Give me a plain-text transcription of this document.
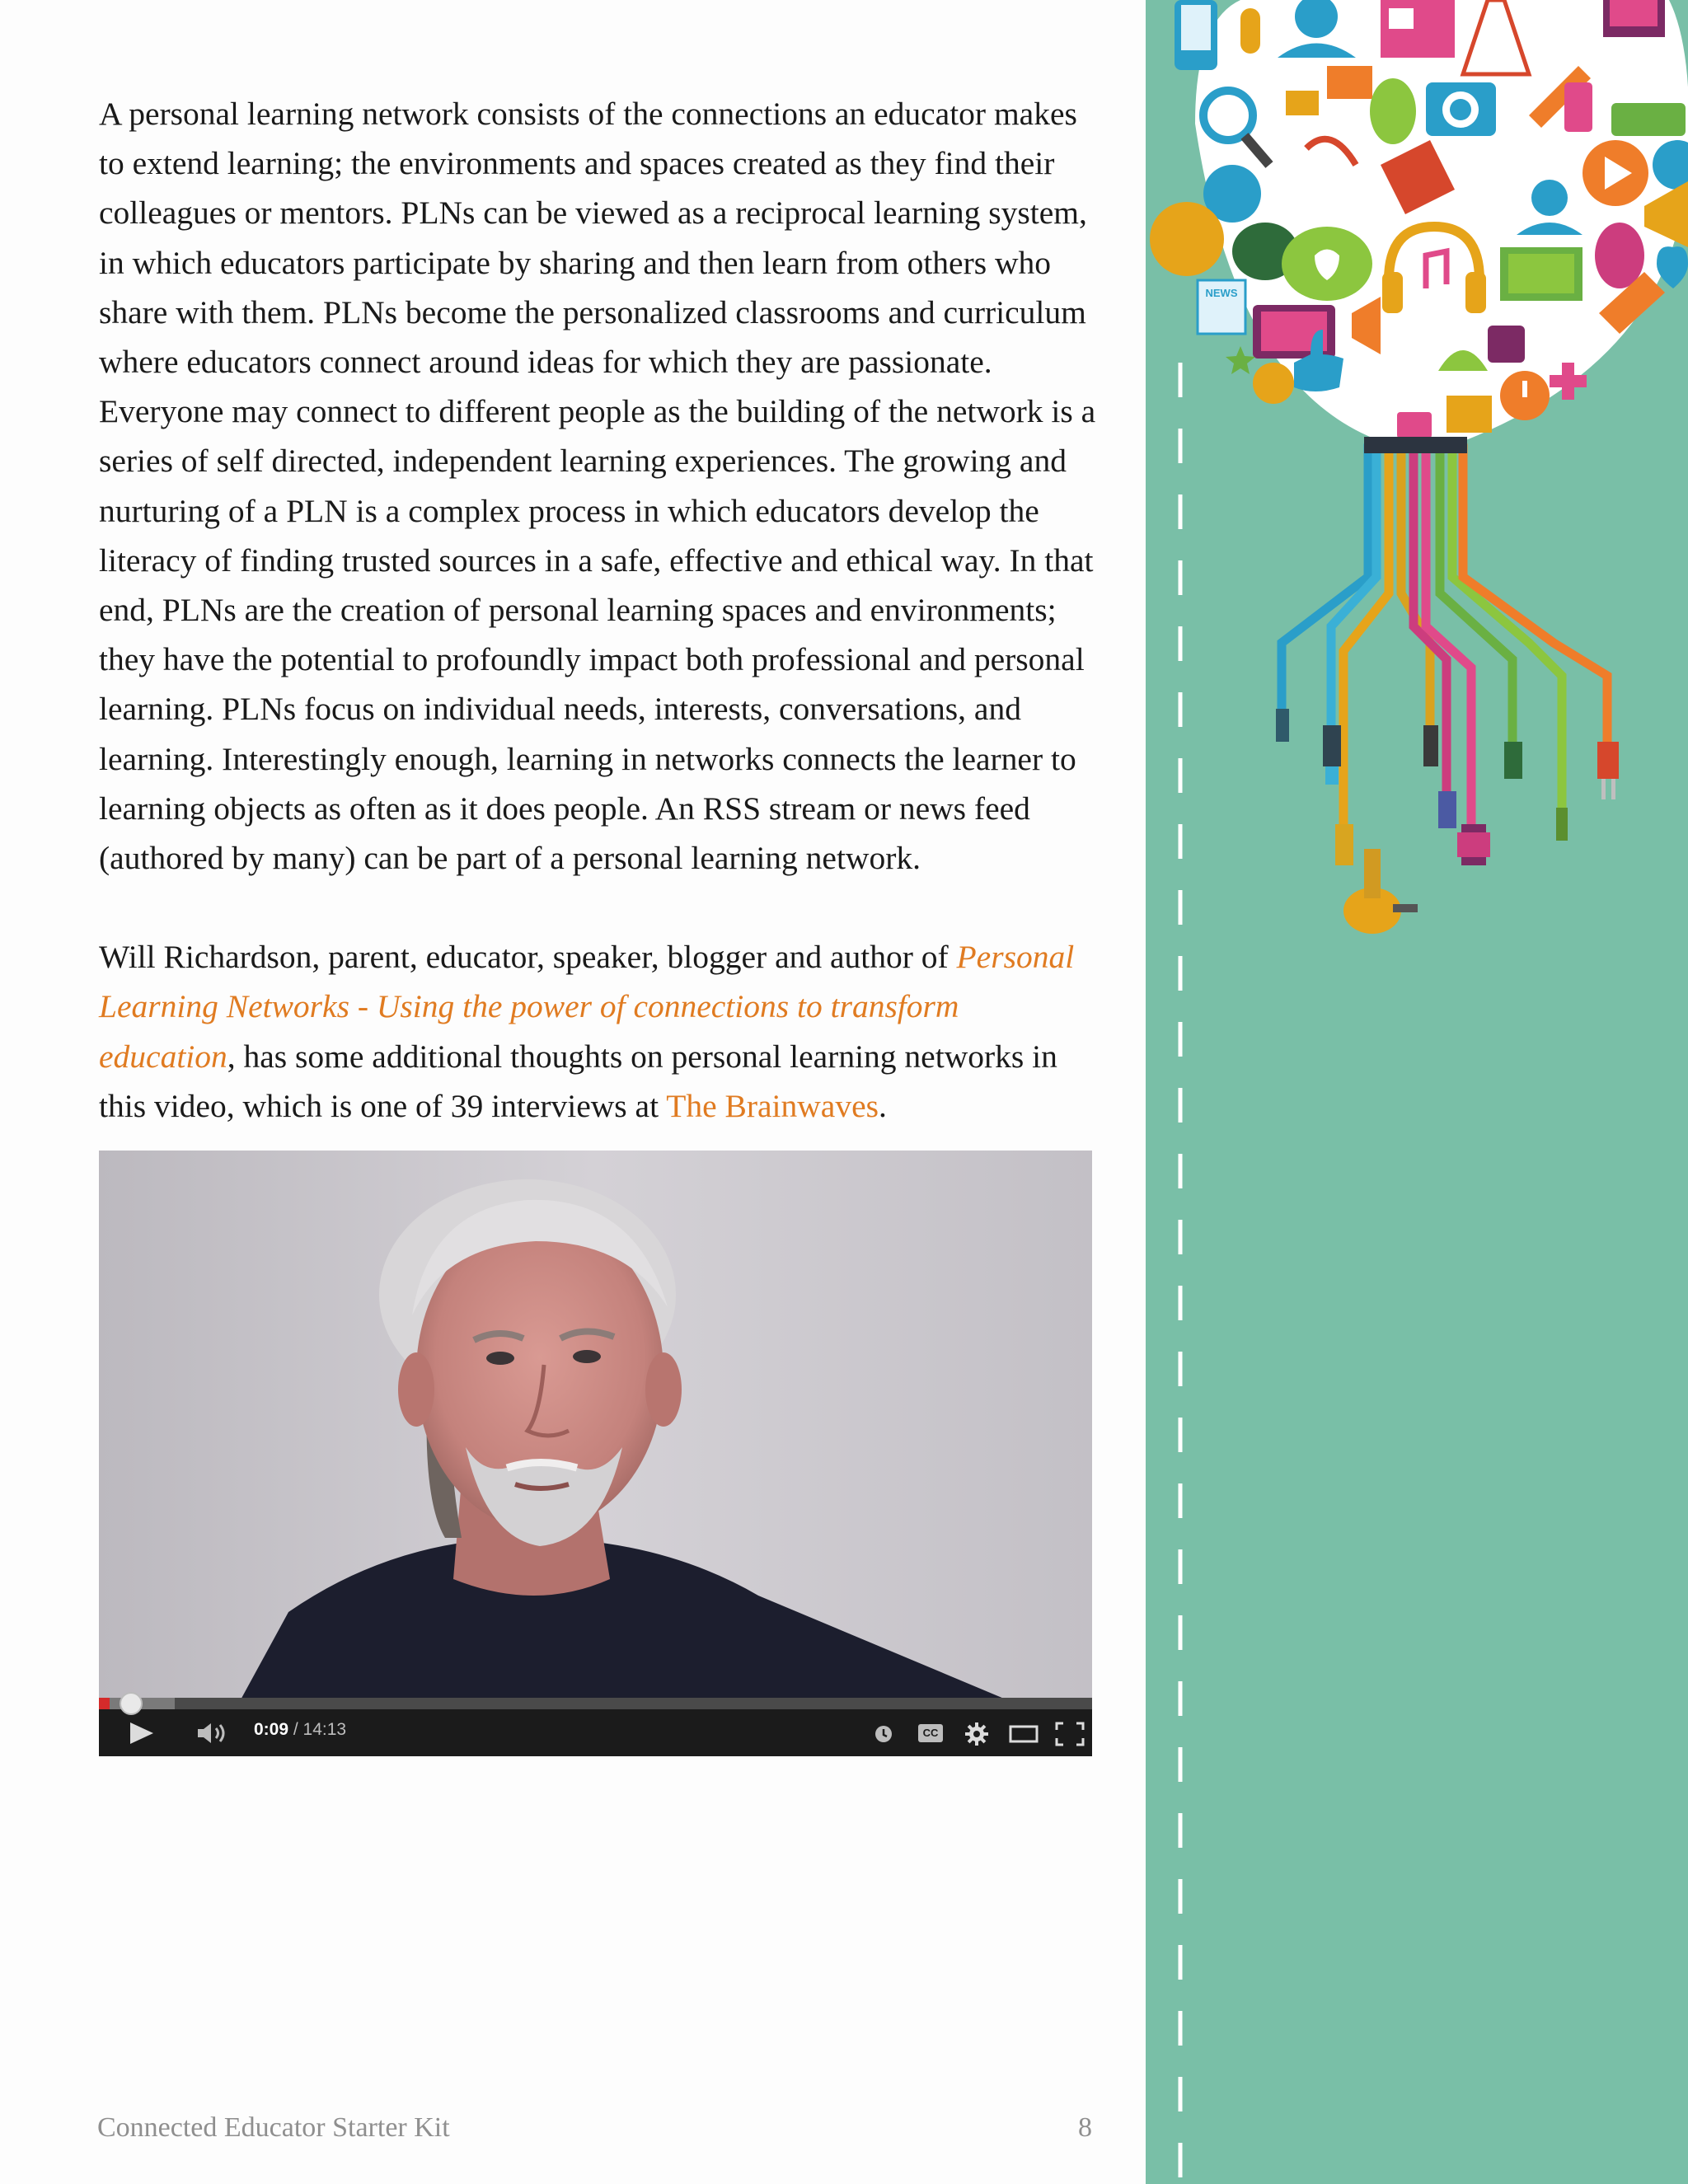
A personal learning network consists of the connections an educator makes to extend learning; the environments and spaces created as they find their colleagues or mentors. PLNs can be viewed as a reciprocal learning system, in which educators participate by sharing and then learn from others who share with them. PLNs become the personalized classrooms and curriculum where educators connect around ideas for which they are passionate. Everyone may connect to different people as the building of the network is a series of self directed, independent learning experiences. The growing and nurturing of a PLN is a complex process in which educators develop the literacy of finding trusted sources in a safe, effective and ethical way. In that end, PLNs are the creation of personal learning spaces and environments; they have the potential to profoundly impact both professional and personal learning. PLNs focus on individual needs, interests, conversations, and learning. Interestingly enough, learning in networks connects the learner to learning objects as often as it does people. An RSS stream or news feed (authored by many) can be part of a personal learning network.

Will Richardson, parent, educator, speaker, blogger and author of Personal Learning Networks - Using the power of connections to transform education, has some additional thoughts on personal learning networks in this video, which is one of 39 interviews at The Brainwaves.

0:09 / 14:13	CC
Connected Educator Starter Kit	8
NEWS
